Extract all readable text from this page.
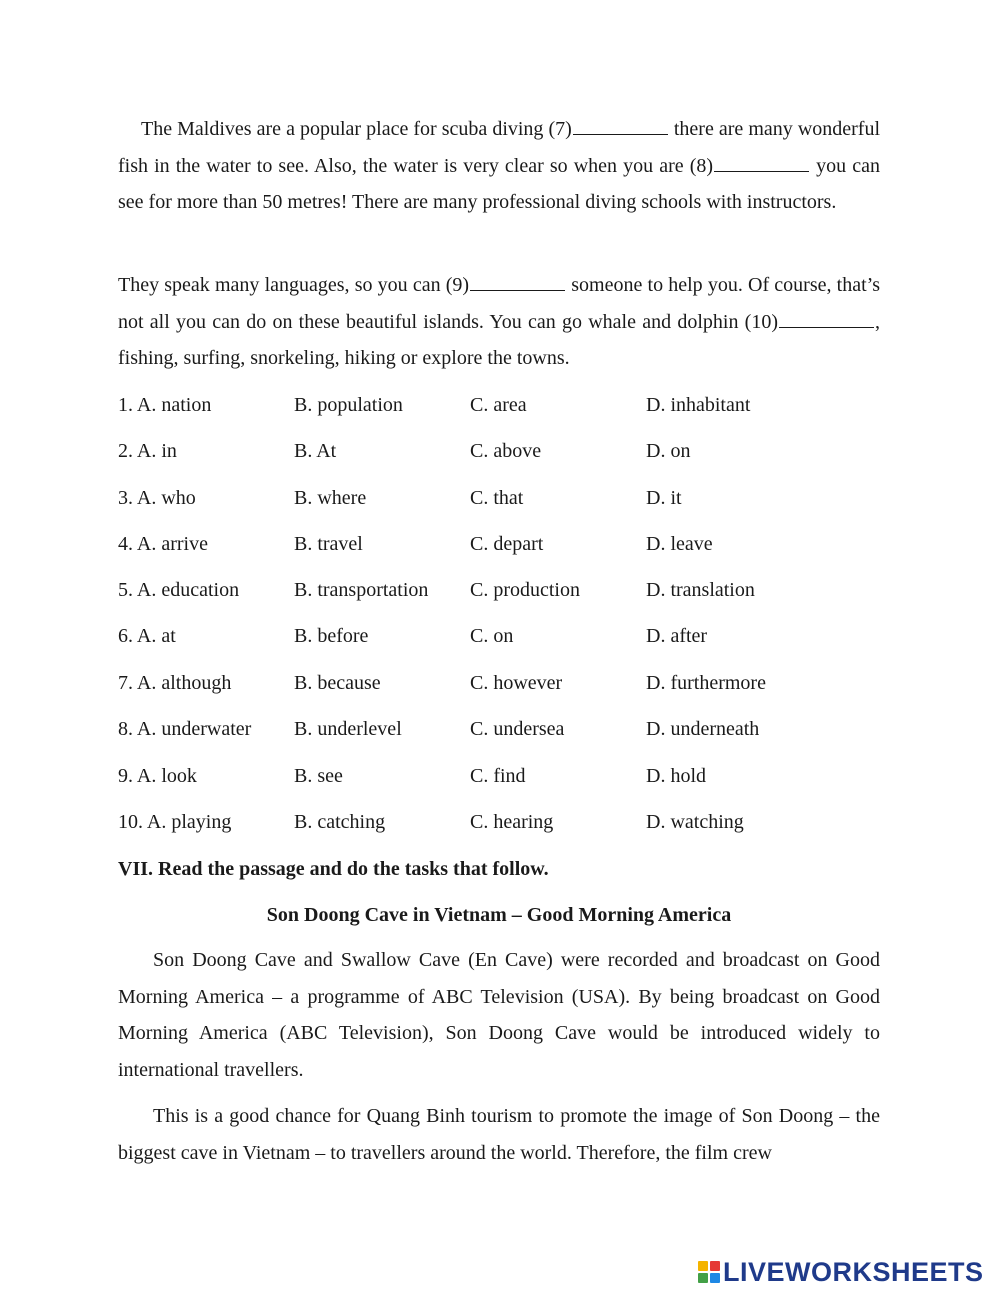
The Maldives are a popular place for scuba diving (7)	there are many wonderful fish in the water to see. Also, the water is very clear so when you are (8)	you can see for more than 50 metres! There are many professional diving schools with instructors.

They speak many languages, so you can (9)	someone to help you. Of course, that’s not all you can do on these beautiful islands. You can go whale and dolphin (10)	, fishing, surfing, snorkeling, hiking or explore the towns.

1. A. nation	B. population	C. area	D. inhabitant
2. A. in	B. At	C. above	D. on
3. A. who	B. where	C. that	D. it
4. A. arrive	B. travel	C. depart	D. leave
5. A. education	B. transportation C. production	D. translation
6. A. at	B. before	C. on	D. after
7. A. although	B. because	C. however	D. furthermore
8. A. underwater B. underlevel	C. undersea	D. underneath
9. A. look	B. see	C. find	D. hold
10. A. playing	B. catching	C. hearing	D. watching

VII. Read the passage and do the tasks that follow.

Son Doong Cave in Vietnam – Good Morning America

Son Doong Cave and Swallow Cave (En Cave) were recorded and broadcast on Good Morning America – a programme of ABC Television (USA). By being broadcast on Good Morning America (ABC Television), Son Doong Cave would be introduced widely to international travellers.

This is a good chance for Quang Binh tourism to promote the image of Son Doong – the biggest cave in Vietnam – to travellers around the world. Therefore, the film crew

LIVEWORKSHEETS
